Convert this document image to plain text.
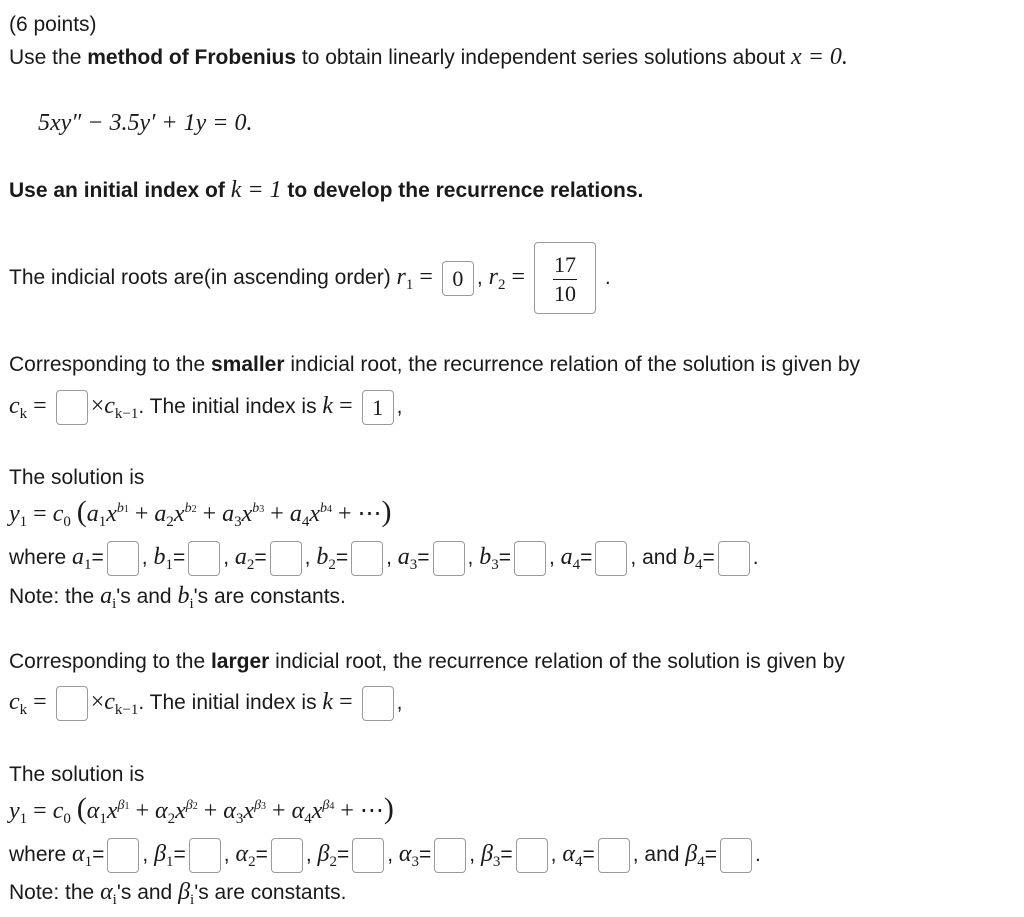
(6 points)
Use the method of Frobenius to obtain linearly independent series solutions about x = 0.
5xy″ − 3.5y′ + 1y = 0.
Use an initial index of k = 1 to develop the recurrence relations.
The indicial roots are(in ascending order) $r_1 = 0$ , $r_2 = \frac{17}{10}$ .
Corresponding to the smaller indicial root, the recurrence relation of the solution is given by
$c_k = \times c_{k-1}$. The initial index is k = 1 ,
The solution is
$y_1 = c_0$ ($a_1x^{b1} + a_2x^{b2} + a_3x^{b3} + a_4x^{b4}$ + ⋯)
where $a_1=$ , $b_1=$ , $a_2=$ , $b_2=$ , $a_3=$ , $b_3=$ , $a_4=$ , and $b_4=$ .
Note: the $a_i's$ and $b_i's$ are constants.
Corresponding to the larger indicial root, the recurrence relation of the solution is given by
$c_k = \times c_{k-1}$. The initial index is k = ,
The solution is
$y_1 = c_0$ ($\alpha_1x^{\beta 1} + \alpha_2x^{\beta 2} + \alpha_3x^{\beta 3} + \alpha_4x^{\beta 4}$ + ⋯)
where $\alpha_1=$ , $\beta_1=$ , $\alpha_2=$ , $\beta_2=$ , $\alpha_3=$ , $\beta_3=$ , $\alpha_4=$ , and $\beta_4=$ .
Note: the $\alpha_i's$ and $\beta_i's$ are constants.
